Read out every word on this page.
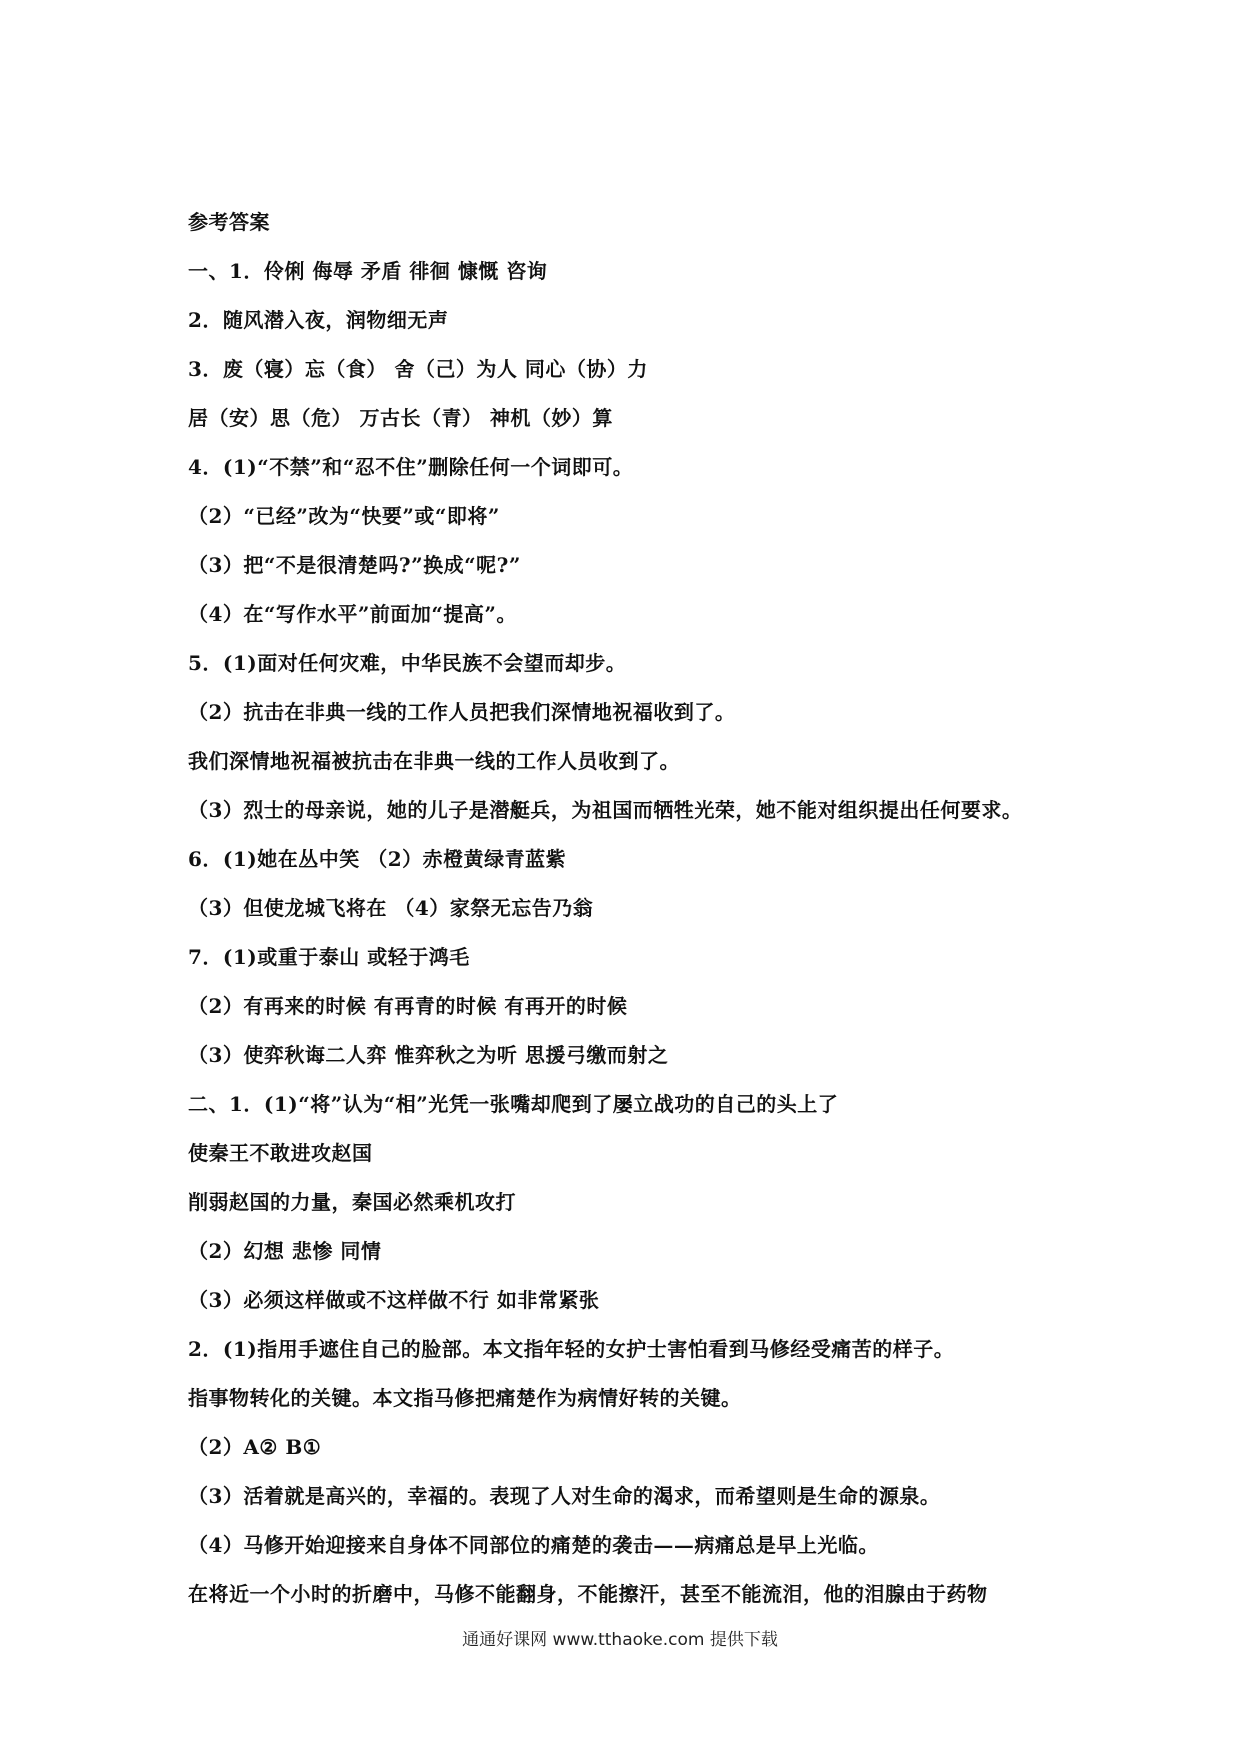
参考答案
一、1．伶俐 侮辱 矛盾 徘徊 慷慨 咨询
2．随风潜入夜，润物细无声
3．废（寝）忘（食） 舍（己）为人 同心（协）力
居（安）思（危） 万古长（青） 神机（妙）算
4．(1)“不禁”和“忍不住”删除任何一个词即可。
（2）“已经”改为“快要”或“即将”
（3）把“不是很清楚吗?”换成“呢?”
（4）在“写作水平”前面加“提高”。
5．(1)面对任何灾难，中华民族不会望而却步。
（2）抗击在非典一线的工作人员把我们深情地祝福收到了。
我们深情地祝福被抗击在非典一线的工作人员收到了。
（3）烈士的母亲说，她的儿子是潜艇兵，为祖国而牺牲光荣，她不能对组织提出任何要求。
6．(1)她在丛中笑 （2）赤橙黄绿青蓝紫
（3）但使龙城飞将在 （4）家祭无忘告乃翁
7．(1)或重于泰山 或轻于鸿毛
（2）有再来的时候 有再青的时候 有再开的时候
（3）使弈秋诲二人弈 惟弈秋之为听 思援弓缴而射之
二、1．(1)“将”认为“相”光凭一张嘴却爬到了屡立战功的自己的头上了
使秦王不敢进攻赵国
削弱赵国的力量，秦国必然乘机攻打
（2）幻想 悲惨 同情
（3）必须这样做或不这样做不行 如非常紧张
2．(1)指用手遮住自己的脸部。本文指年轻的女护士害怕看到马修经受痛苦的样子。
指事物转化的关键。本文指马修把痛楚作为病情好转的关键。
（2）A② B①
（3）活着就是高兴的，幸福的。表现了人对生命的渴求，而希望则是生命的源泉。
（4）马修开始迎接来自身体不同部位的痛楚的袭击——病痛总是早上光临。
在将近一个小时的折磨中，马修不能翻身，不能擦汗，甚至不能流泪，他的泪腺由于药物
通通好课网 www.tthaoke.com 提供下载
